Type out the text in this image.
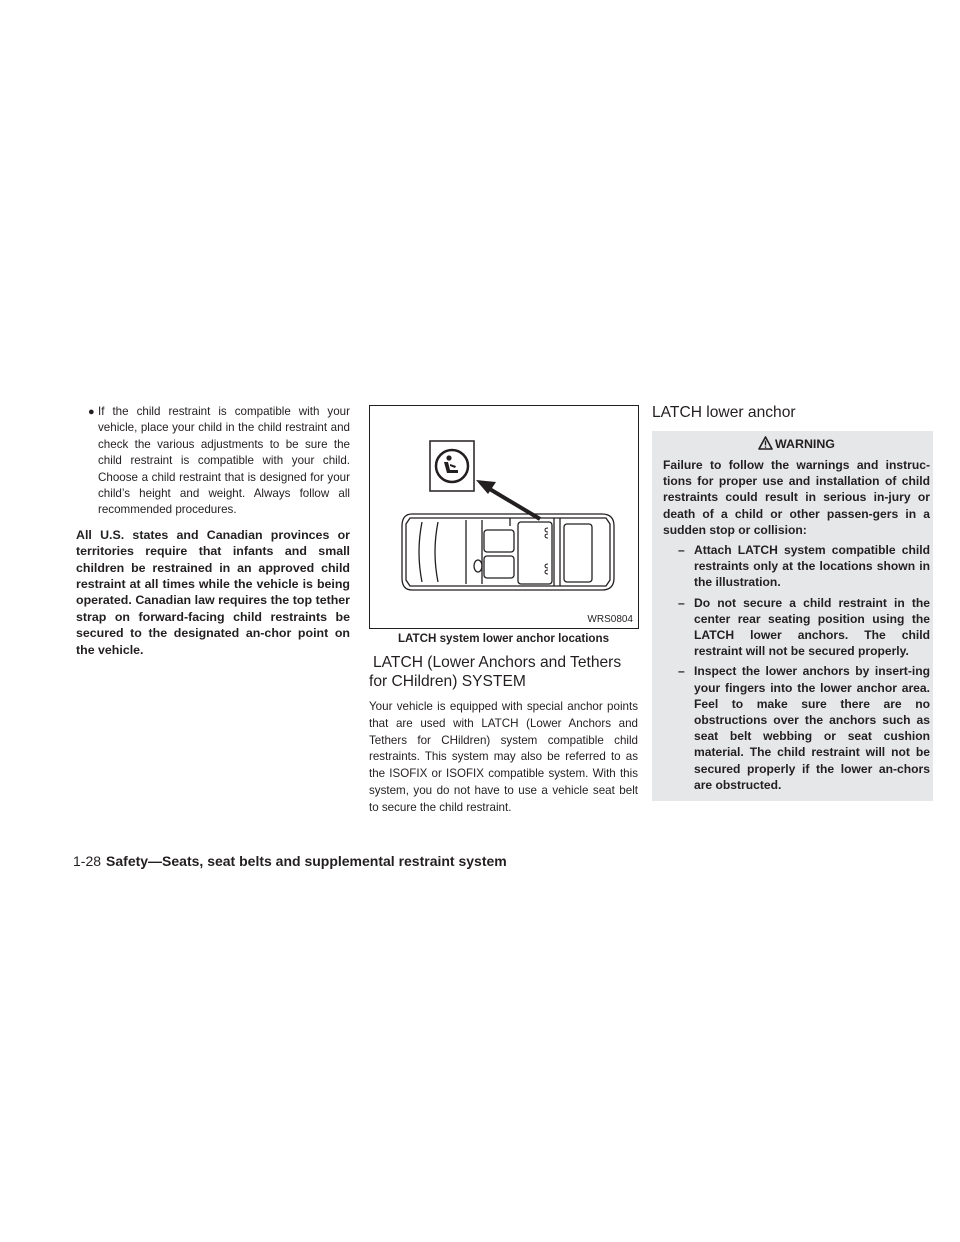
● If the child restraint is compatible with your vehicle, place your child in the child restraint and check the various adjustments to be sure the child restraint is compatible with your child. Choose a child restraint that is designed for your child’s height and weight. Always follow all recommended procedures.
All U.S. states and Canadian provinces or territories require that infants and small children be restrained in an approved child restraint at all times while the vehicle is being operated. Canadian law requires the top tether strap on forward-facing child restraints be secured to the designated an-chor point on the vehicle.
WRS0804
LATCH system lower anchor locations
LATCH (Lower Anchors and Tethers for CHildren) SYSTEM
Your vehicle is equipped with special anchor points that are used with LATCH (Lower Anchors and Tethers for CHildren) system compatible child restraints. This system may also be referred to as the ISOFIX or ISOFIX compatible system. With this system, you do not have to use a vehicle seat belt to secure the child restraint.
LATCH lower anchor
WARNING
Failure to follow the warnings and instruc-tions for proper use and installation of child restraints could result in serious in-jury or death of a child or other passen-gers in a sudden stop or collision:
– Attach LATCH system compatible child restraints only at the locations shown in the illustration.
– Do not secure a child restraint in the center rear seating position using the LATCH lower anchors. The child restraint will not be secured properly.
– Inspect the lower anchors by insert-ing your fingers into the lower anchor area. Feel to make sure there are no obstructions over the anchors such as seat belt webbing or seat cushion material. The child restraint will not be secured properly if the lower an-chors are obstructed.
1-28 Safety—Seats, seat belts and supplemental restraint system
